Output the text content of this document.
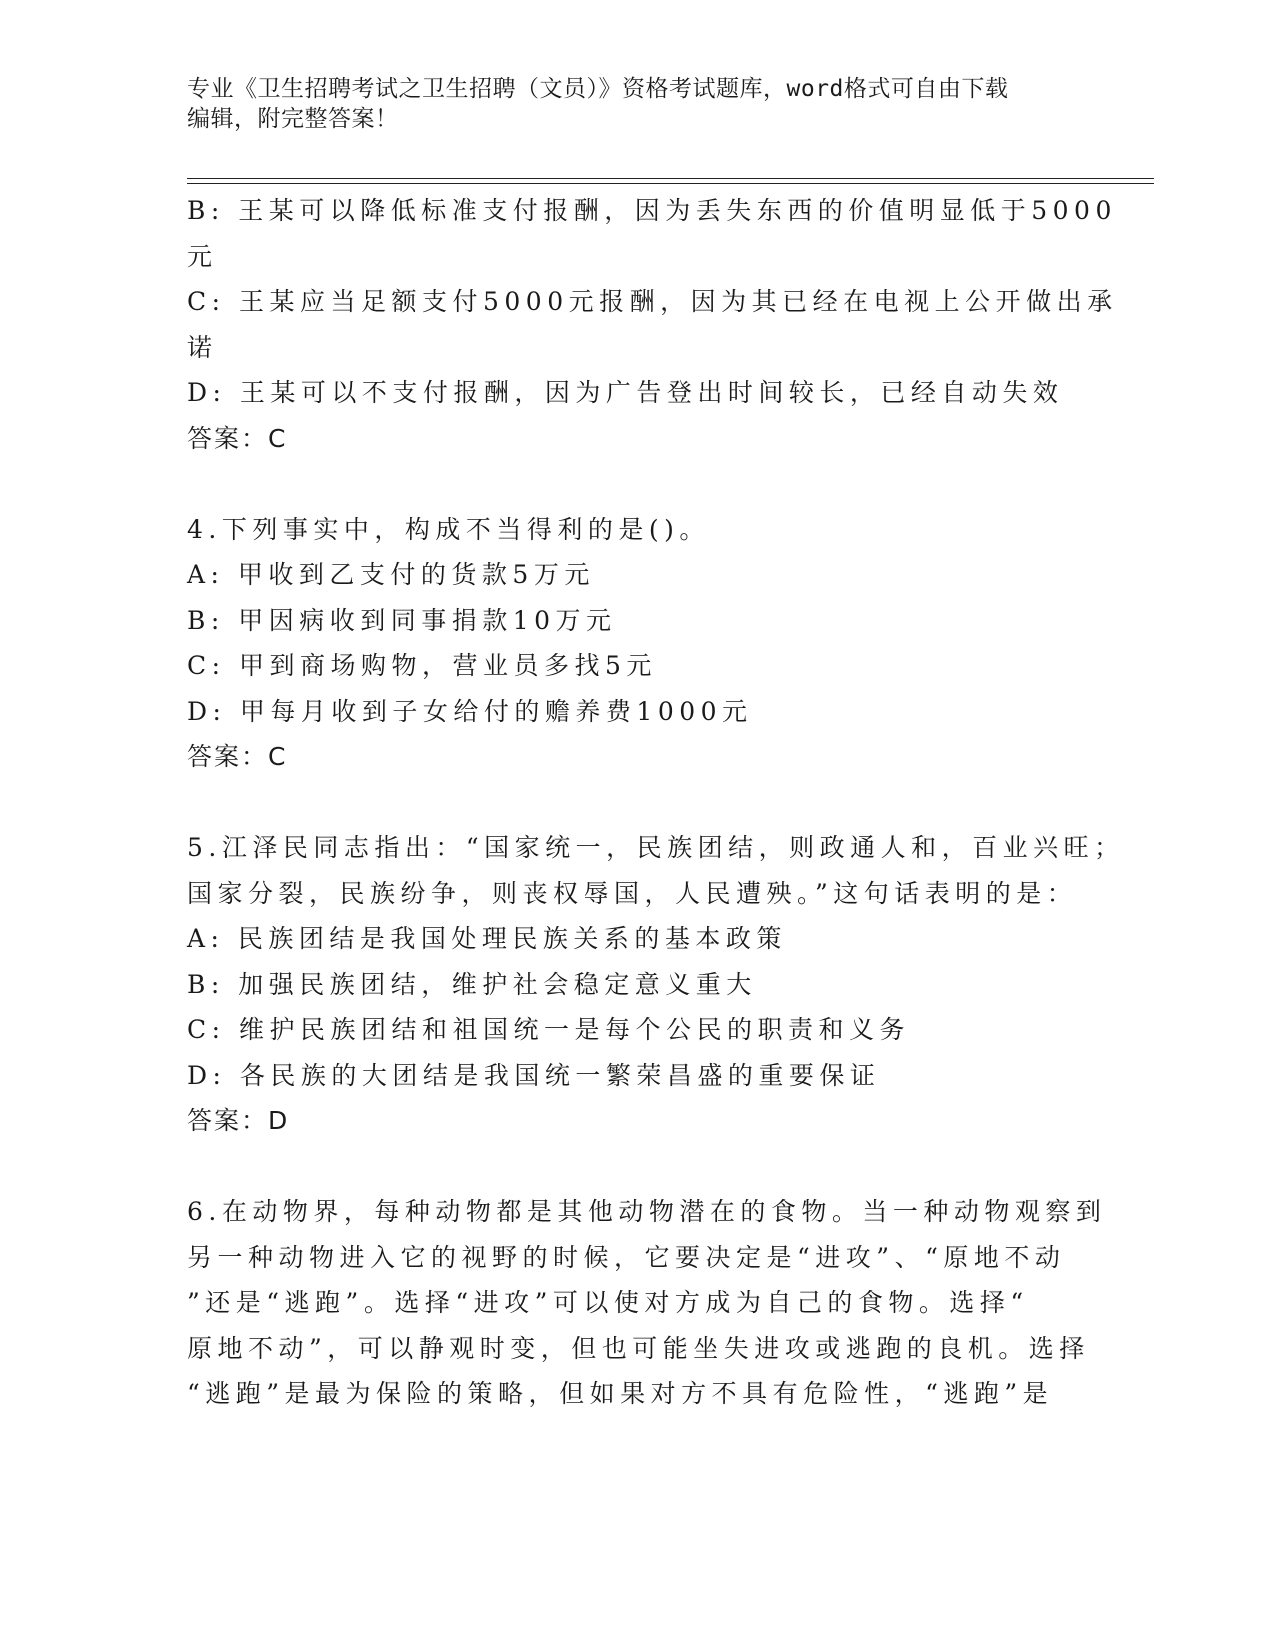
专业《卫生招聘考试之卫生招聘（文员）》资格考试题库，word格式可自由下载
编辑，附完整答案！
B: 王某可以降低标准支付报酬，因为丢失东西的价值明显低于5000
元
C: 王某应当足额支付5000元报酬，因为其已经在电视上公开做出承
诺
D: 王某可以不支付报酬，因为广告登出时间较长，已经自动失效
答案：C
4.下列事实中，构成不当得利的是()。
A: 甲收到乙支付的货款5万元
B: 甲因病收到同事捐款10万元
C: 甲到商场购物，营业员多找5元
D: 甲每月收到子女给付的赡养费1000元
答案：C
5.江泽民同志指出：“国家统一，民族团结，则政通人和，百业兴旺；
国家分裂，民族纷争，则丧权辱国，人民遭殃。”这句话表明的是：
A: 民族团结是我国处理民族关系的基本政策
B: 加强民族团结，维护社会稳定意义重大
C: 维护民族团结和祖国统一是每个公民的职责和义务
D: 各民族的大团结是我国统一繁荣昌盛的重要保证
答案：D
6.在动物界，每种动物都是其他动物潜在的食物。当一种动物观察到
另一种动物进入它的视野的时候，它要决定是“进攻”、“原地不动
”还是“逃跑”。选择“进攻”可以使对方成为自己的食物。选择“
原地不动”，可以静观时变，但也可能坐失进攻或逃跑的良机。选择
“逃跑”是最为保险的策略，但如果对方不具有危险性，“逃跑”是
